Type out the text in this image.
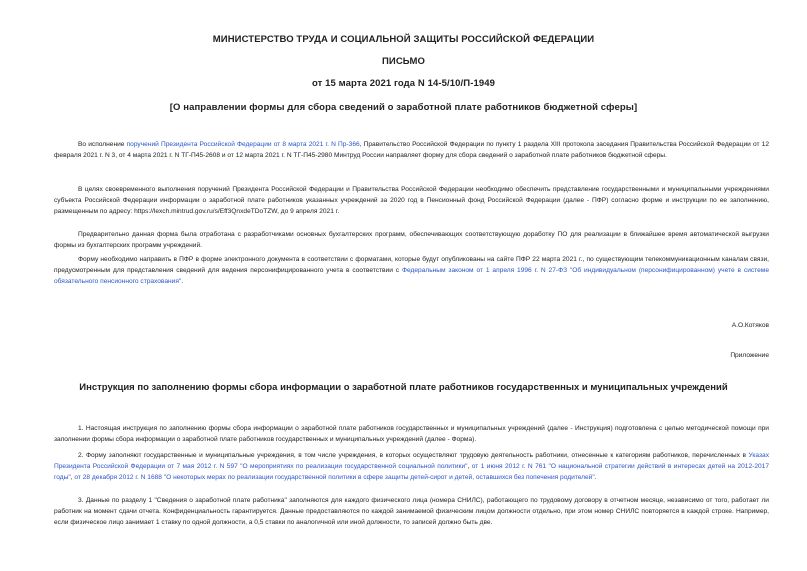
МИНИСТЕРСТВО ТРУДА И СОЦИАЛЬНОЙ ЗАЩИТЫ РОССИЙСКОЙ ФЕДЕРАЦИИ
ПИСЬМО
от 15 марта 2021 года N 14-5/10/П-1949
[О направлении формы для сбора сведений о заработной плате работников бюджетной сферы]
Во исполнение поручений Президента Российской Федерации от 8 марта 2021 г. N Пр-366, Правительство Российской Федерации по пункту 1 раздела XIII протокола заседания Правительства Российской Федерации от 12 февраля 2021 г. N 3, от 4 марта 2021 г. N ТГ-П45-2608 и от 12 марта 2021 г. N ТГ-П45-2980 Минтруд России направляет форму для сбора сведений о заработной плате работников бюджетной сферы.
В целях своевременного выполнения поручений Президента Российской Федерации и Правительства Российской Федерации необходимо обеспечить представление государственными и муниципальными учреждениями субъекта Российской Федерации информации о заработной плате работников указанных учреждений за 2020 год в Пенсионный фонд Российской Федерации (далее - ПФР) согласно форме и инструкции по ее заполнению, размещенным по адресу: https://lexch.mintrud.gov.ru/s/Eff3QnxdeTDoTZW, до 9 апреля 2021 г.
Предварительно данная форма была отработана с разработчиками основных бухгалтерских программ, обеспечивающих соответствующую доработку ПО для реализации в ближайшее время автоматической выгрузки формы из бухгалтерских программ учреждений.
Форму необходимо направить в ПФР в форме электронного документа в соответствии с форматами, которые будут опубликованы на сайте ПФР 22 марта 2021 г., по существующим телекоммуникационным каналам связи, предусмотренным для представления сведений для ведения персонифицированного учета в соответствии с Федеральным законом от 1 апреля 1996 г. N 27-ФЗ "Об индивидуальном (персонифицированном) учете в системе обязательного пенсионного страхования".
А.О.Котяков
Приложение
Инструкция по заполнению формы сбора информации о заработной плате работников государственных и муниципальных учреждений
1. Настоящая инструкция по заполнению формы сбора информации о заработной плате работников государственных и муниципальных учреждений (далее - Инструкция) подготовлена с целью методической помощи при заполнении формы сбора информации о заработной плате работников государственных и муниципальных учреждений (далее - Форма).
2. Форму заполняют государственные и муниципальные учреждения, в том числе учреждения, в которых осуществляют трудовую деятельность работники, отнесенные к категориям работников, перечисленных в Указах Президента Российской Федерации от 7 мая 2012 г. N 597 "О мероприятиях по реализации государственной социальной политики", от 1 июня 2012 г. N 761 "О национальной стратегии действий в интересах детей на 2012-2017 годы", от 28 декабря 2012 г. N 1688 "О некоторых мерах по реализации государственной политики в сфере защиты детей-сирот и детей, оставшихся без попечения родителей".
3. Данные по разделу 1 "Сведения о заработной плате работника" заполняются для каждого физического лица (номера СНИЛС), работающего по трудовому договору в отчетном месяце, независимо от того, работает ли работник на момент сдачи отчета. Конфиденциальность гарантируется. Данные предоставляются по каждой занимаемой физическим лицом должности отдельно, при этом номер СНИЛС повторяется в каждой строке. Например, если физическое лицо занимает 1 ставку по одной должности, а 0,5 ставки по аналогичной или иной должности, то записей должно быть две.
